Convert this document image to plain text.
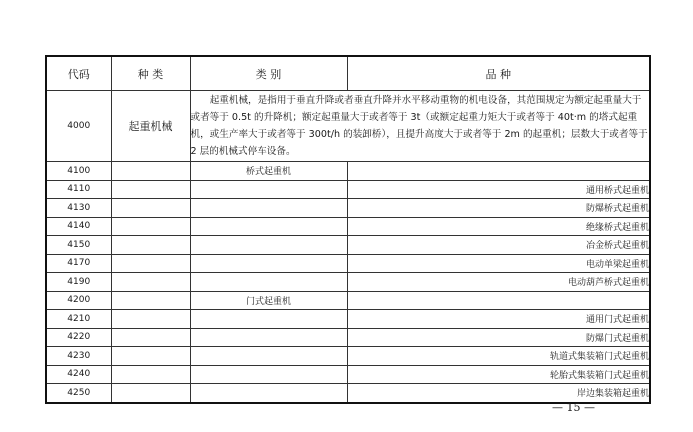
代码	种 类	类 别	品 种
4000	起重机械	起重机械，是指用于垂直升降或者垂直升降并水平移动重物的机电设备，其范围规定为额定起重量大于或者等于 0.5t 的升降机；额定起重量大于或者等于 3t（或额定起重力矩大于或者等于 40t·m 的塔式起重机，或生产率大于或者等于 300t/h 的装卸桥），且提升高度大于或者等于 2m 的起重机；层数大于或者等于 2 层的机械式停车设备。	
4100		桥式起重机	
4110			通用桥式起重机
4130			防爆桥式起重机
4140			绝缘桥式起重机
4150			冶金桥式起重机
4170			电动单梁起重机
4190			电动葫芦桥式起重机
4200		门式起重机	
4210			通用门式起重机
4220			防爆门式起重机
4230			轨道式集装箱门式起重机
4240			轮胎式集装箱门式起重机
4250			岸边集装箱起重机
— 15 —
